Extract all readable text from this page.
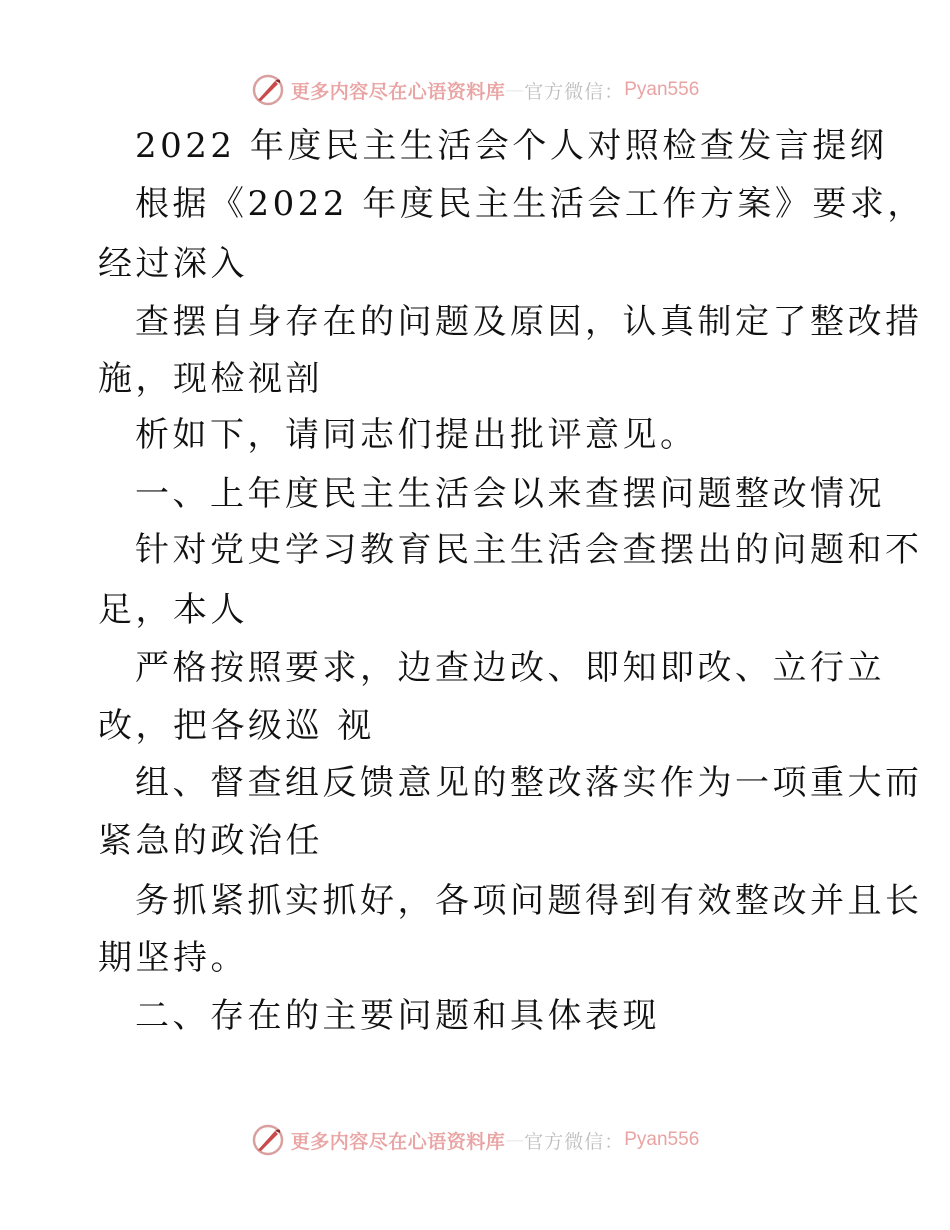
更多内容尽在心语资料库 — 官方微信： Pyan556
2022 年度民主生活会个人对照检查发言提纲
根据《2022 年度民主生活会工作方案》要求，
经过深入
查摆自身存在的问题及原因，认真制定了整改措
施，现检视剖
析如下，请同志们提出批评意见。
一、上年度民主生活会以来查摆问题整改情况
针对党史学习教育民主生活会查摆出的问题和不
足，本人
严格按照要求，边查边改、即知即改、立行立
改，把各级巡 视
组、督查组反馈意见的整改落实作为一项重大而
紧急的政治任
务抓紧抓实抓好，各项问题得到有效整改并且长
期坚持。
二、存在的主要问题和具体表现
更多内容尽在心语资料库 — 官方微信： Pyan556
